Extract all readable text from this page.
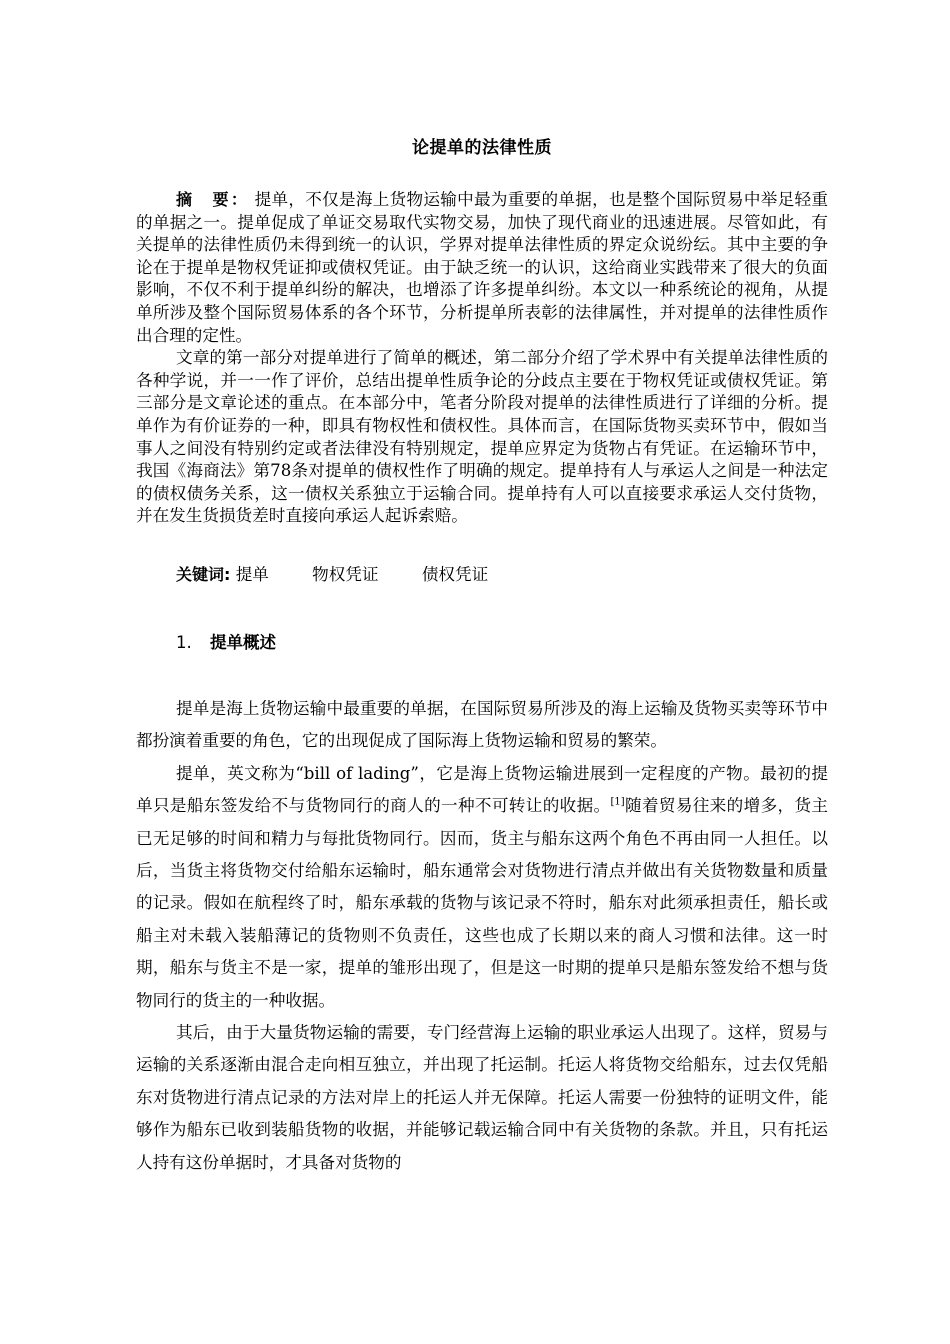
论提单的法律性质

摘　要： 提单，不仅是海上货物运输中最为重要的单据，也是整个国际贸易中举足轻重的单据之一。提单促成了单证交易取代实物交易，加快了现代商业的迅速进展。尽管如此，有关提单的法律性质仍未得到统一的认识，学界对提单法律性质的界定众说纷纭。其中主要的争论在于提单是物权凭证抑或债权凭证。由于缺乏统一的认识，这给商业实践带来了很大的负面影响，不仅不利于提单纠纷的解决，也增添了许多提单纠纷。本文以一种系统论的视角，从提单所涉及整个国际贸易体系的各个环节，分析提单所表彰的法律属性，并对提单的法律性质作出合理的定性。

文章的第一部分对提单进行了简单的概述，第二部分介绍了学术界中有关提单法律性质的各种学说，并一一作了评价，总结出提单性质争论的分歧点主要在于物权凭证或债权凭证。第三部分是文章论述的重点。在本部分中，笔者分阶段对提单的法律性质进行了详细的分析。提单作为有价证券的一种，即具有物权性和债权性。具体而言，在国际货物买卖环节中，假如当事人之间没有特别约定或者法律没有特别规定，提单应界定为货物占有凭证。在运输环节中，我国《海商法》第78条对提单的债权性作了明确的规定。提单持有人与承运人之间是一种法定的债权债务关系，这一债权关系独立于运输合同。提单持有人可以直接要求承运人交付货物，并在发生货损货差时直接向承运人起诉索赔。

关键词: 提单	物权凭证	债权凭证
1. 提单概述

提单是海上货物运输中最重要的单据，在国际贸易所涉及的海上运输及货物买卖等环节中都扮演着重要的角色，它的出现促成了国际海上货物运输和贸易的繁荣。

提单，英文称为“bill of lading”，它是海上货物运输进展到一定程度的产物。最初的提单只是船东签发给不与货物同行的商人的一种不可转让的收据。[1]随着贸易往来的增多，货主已无足够的时间和精力与每批货物同行。因而，货主与船东这两个角色不再由同一人担任。以后，当货主将货物交付给船东运输时，船东通常会对货物进行清点并做出有关货物数量和质量的记录。假如在航程终了时，船东承载的货物与该记录不符时，船东对此须承担责任，船长或船主对未载入装船薄记的货物则不负责任，这些也成了长期以来的商人习惯和法律。这一时期，船东与货主不是一家，提单的雏形出现了，但是这一时期的提单只是船东签发给不想与货物同行的货主的一种收据。

其后，由于大量货物运输的需要，专门经营海上运输的职业承运人出现了。这样，贸易与运输的关系逐渐由混合走向相互独立，并出现了托运制。托运人将货物交给船东，过去仅凭船东对货物进行清点记录的方法对岸上的托运人并无保障。托运人需要一份独特的证明文件，能够作为船东已收到装船货物的收据，并能够记载运输合同中有关货物的条款。并且，只有托运人持有这份单据时，才具备对货物的
